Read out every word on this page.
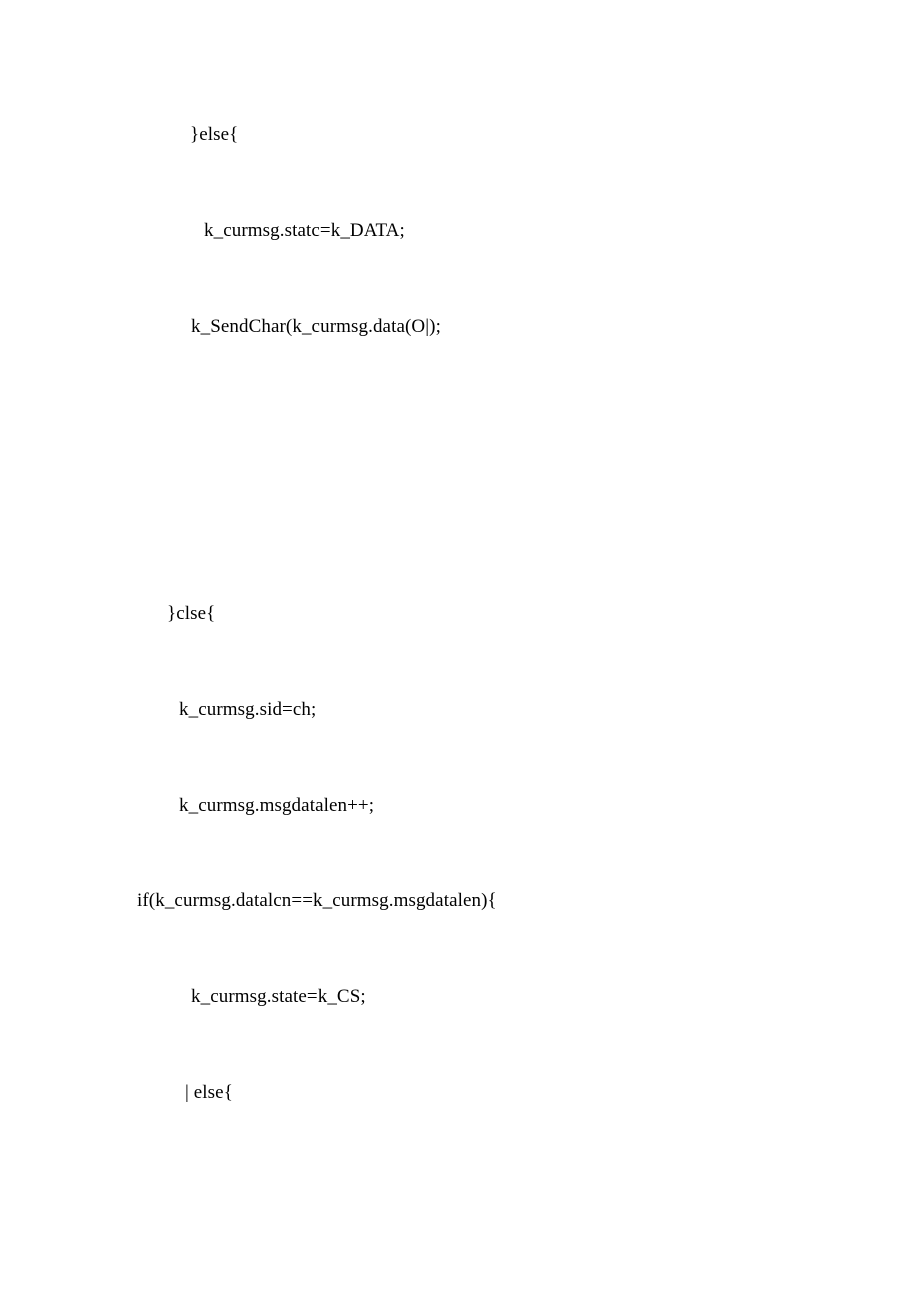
}else{
k_curmsg.statc=k_DATA;
k_SendChar(k_curmsg.data(O|);
}clse{
k_curmsg.sid=ch;
k_curmsg.msgdatalen++;
if(k_curmsg.datalcn==k_curmsg.msgdatalen){
k_curmsg.state=k_CS;
| else{
